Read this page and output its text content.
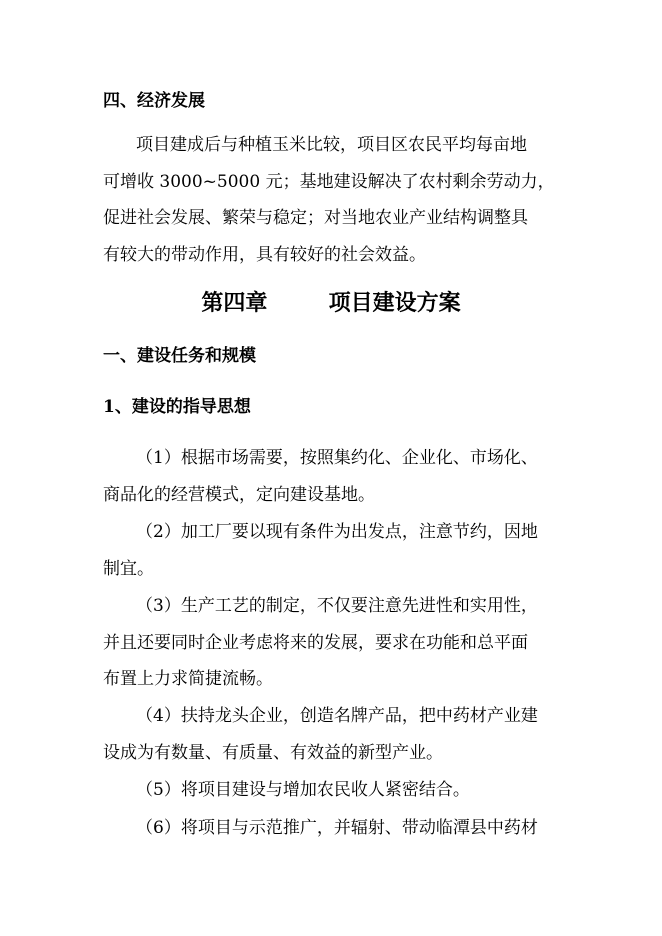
四、经济发展
项目建成后与种植玉米比较，项目区农民平均每亩地
可增收 3000~5000 元；基地建设解决了农村剩余劳动力，
促进社会发展、繁荣与稳定；对当地农业产业结构调整具
有较大的带动作用，具有较好的社会效益。
第四章        项目建设方案
一、建设任务和规模
1、建设的指导思想
（1）根据市场需要，按照集约化、企业化、市场化、
商品化的经营模式，定向建设基地。
（2）加工厂要以现有条件为出发点，注意节约，因地
制宜。
（3）生产工艺的制定，不仅要注意先进性和实用性，
并且还要同时企业考虑将来的发展，要求在功能和总平面
布置上力求简捷流畅。
（4）扶持龙头企业，创造名牌产品，把中药材产业建
设成为有数量、有质量、有效益的新型产业。
（5）将项目建设与增加农民收人紧密结合。
（6）将项目与示范推广，并辐射、带动临潭县中药材
